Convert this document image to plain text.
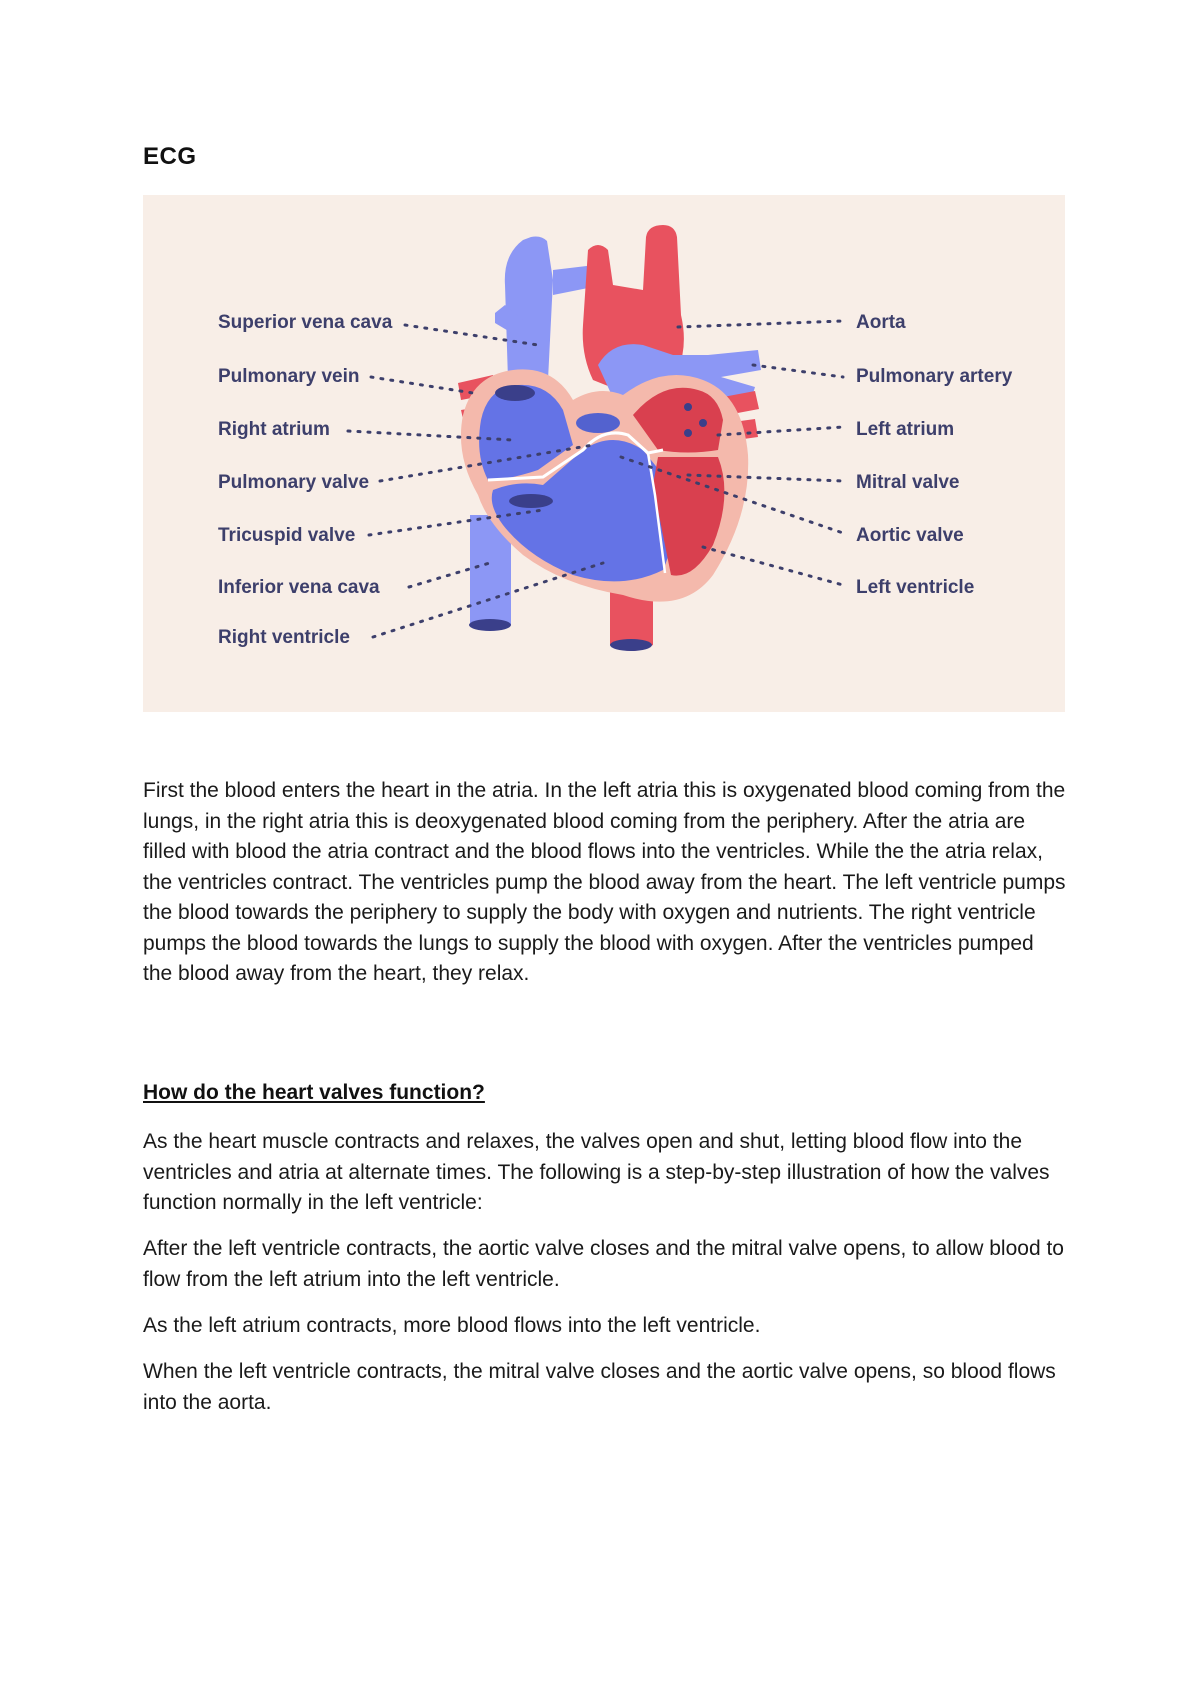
ECG
Superior vena cava
Pulmonary vein
Right atrium
Pulmonary valve
Tricuspid valve
Inferior vena cava
Right ventricle
Aorta
Pulmonary artery
Left atrium
Mitral valve
Aortic valve
Left ventricle

First the blood enters the heart in the atria. In the left atria this is oxygenated blood coming from the lungs, in the right atria this is deoxygenated blood coming from the periphery. After the atria are filled with blood the atria contract and the blood flows into the ventricles. While the the atria relax, the ventricles contract. The ventricles pump the blood away from the heart. The left ventricle pumps the blood towards the periphery to supply the body with oxygen and nutrients. The right ventricle pumps the blood towards the lungs to supply the blood with oxygen. After the ventricles pumped the blood away from the heart, they relax.

How do the heart valves function?

As the heart muscle contracts and relaxes, the valves open and shut, letting blood flow into the ventricles and atria at alternate times. The following is a step-by-step illustration of how the valves function normally in the left ventricle:

After the left ventricle contracts, the aortic valve closes and the mitral valve opens, to allow blood to flow from the left atrium into the left ventricle.

As the left atrium contracts, more blood flows into the left ventricle.

When the left ventricle contracts, the mitral valve closes and the aortic valve opens, so blood flows into the aorta.
